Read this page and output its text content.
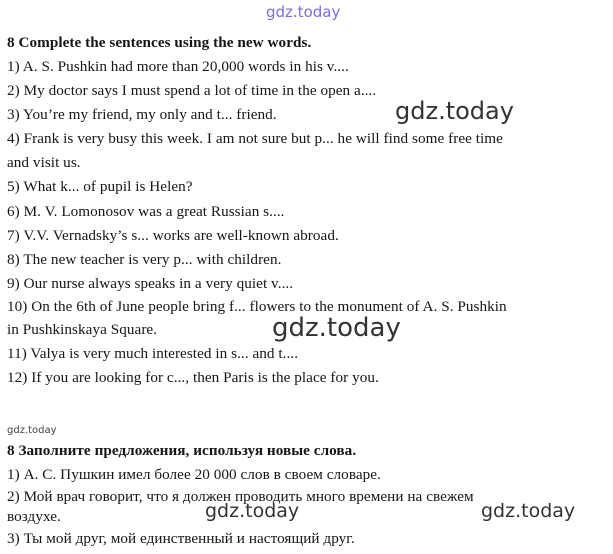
gdz.today
8 Complete the sentences using the new words.
1) A. S. Pushkin had more than 20,000 words in his v....
2) My doctor says I must spend a lot of time in the open a....
3) You’re my friend, my only and t... friend.
4) Frank is very busy this week. I am not sure but p... he will find some free time
and visit us.
5) What k... of pupil is Helen?
6) M. V. Lomonosov was a great Russian s....
7) V.V. Vernadsky’s s... works are well-known abroad.
8) The new teacher is very p... with children.
9) Our nurse always speaks in a very quiet v....
10) On the 6th of June people bring f... flowers to the monument of A. S. Pushkin
in Pushkinskaya Square.
11) Valya is very much interested in s... and t....
12) If you are looking for c..., then Paris is the place for you.
gdz.today
gdz.today
gdz.today
8 Заполните предложения, используя новые слова.
1) А. С. Пушкин имел более 20 000 слов в своем словаре.
2) Мой врач говорит, что я должен проводить много времени на свежем
воздухе.
3) Ты мой друг, мой единственный и настоящий друг.
gdz.today	gdz.today
